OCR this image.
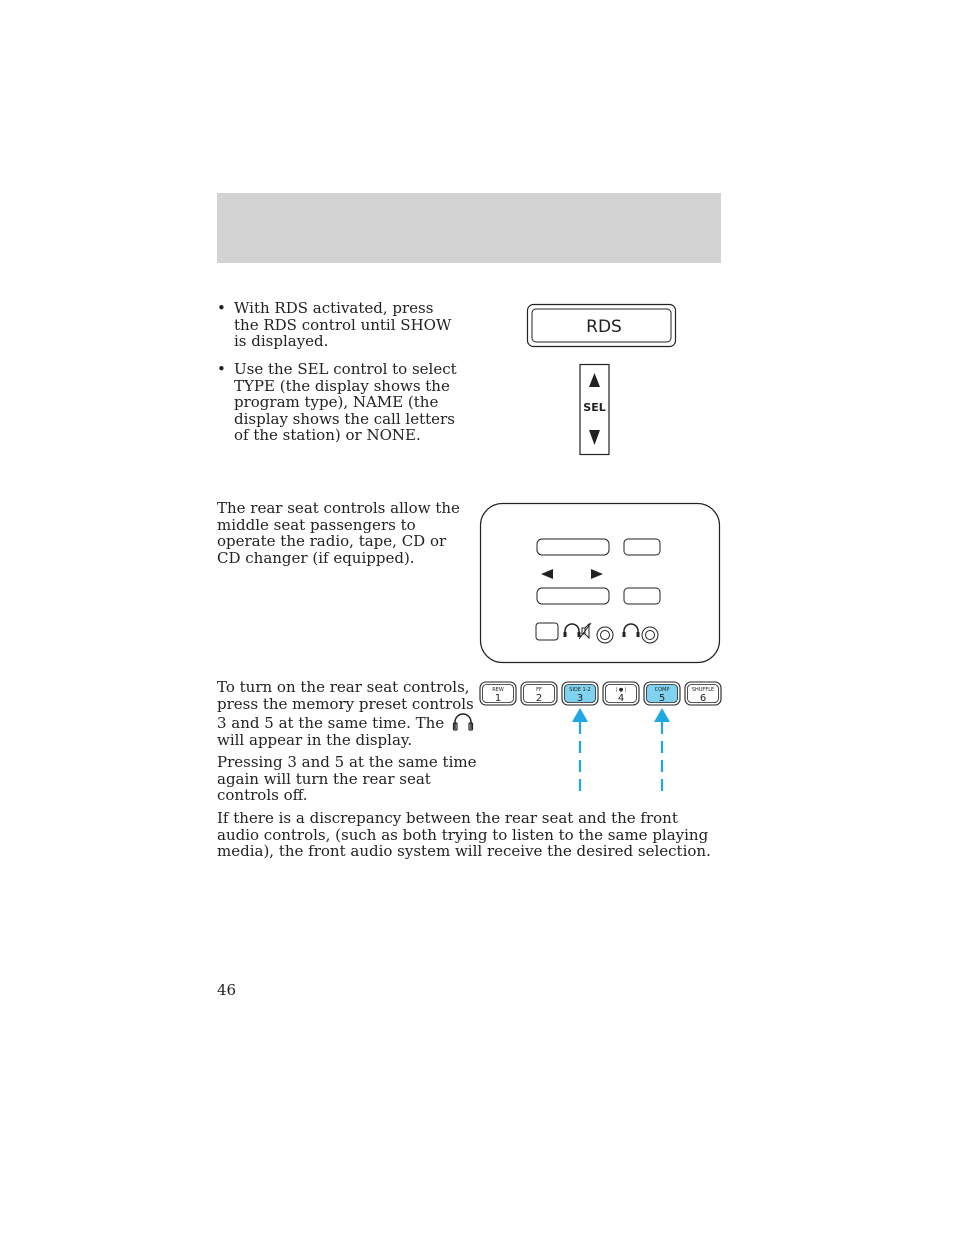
• With RDS activated, press the RDS control until SHOW is displayed.
• Use the SEL control to select TYPE (the display shows the program type), NAME (the display shows the call letters of the station) or NONE.
RDS
SEL
The rear seat controls allow the middle seat passengers to operate the radio, tape, CD or CD changer (if equipped).
To turn on the rear seat controls, press the memory preset controls 3 and 5 at the same time. The  will appear in the display.
Pressing 3 and 5 at the same time again will turn the rear seat controls off.
REW
1
FF
2
SIDE 1-2
3
❘●❘
4
COMP
5
SHUFFLE
6
If there is a discrepancy between the rear seat and the front audio controls, (such as both trying to listen to the same playing media), the front audio system will receive the desired selection.
46
